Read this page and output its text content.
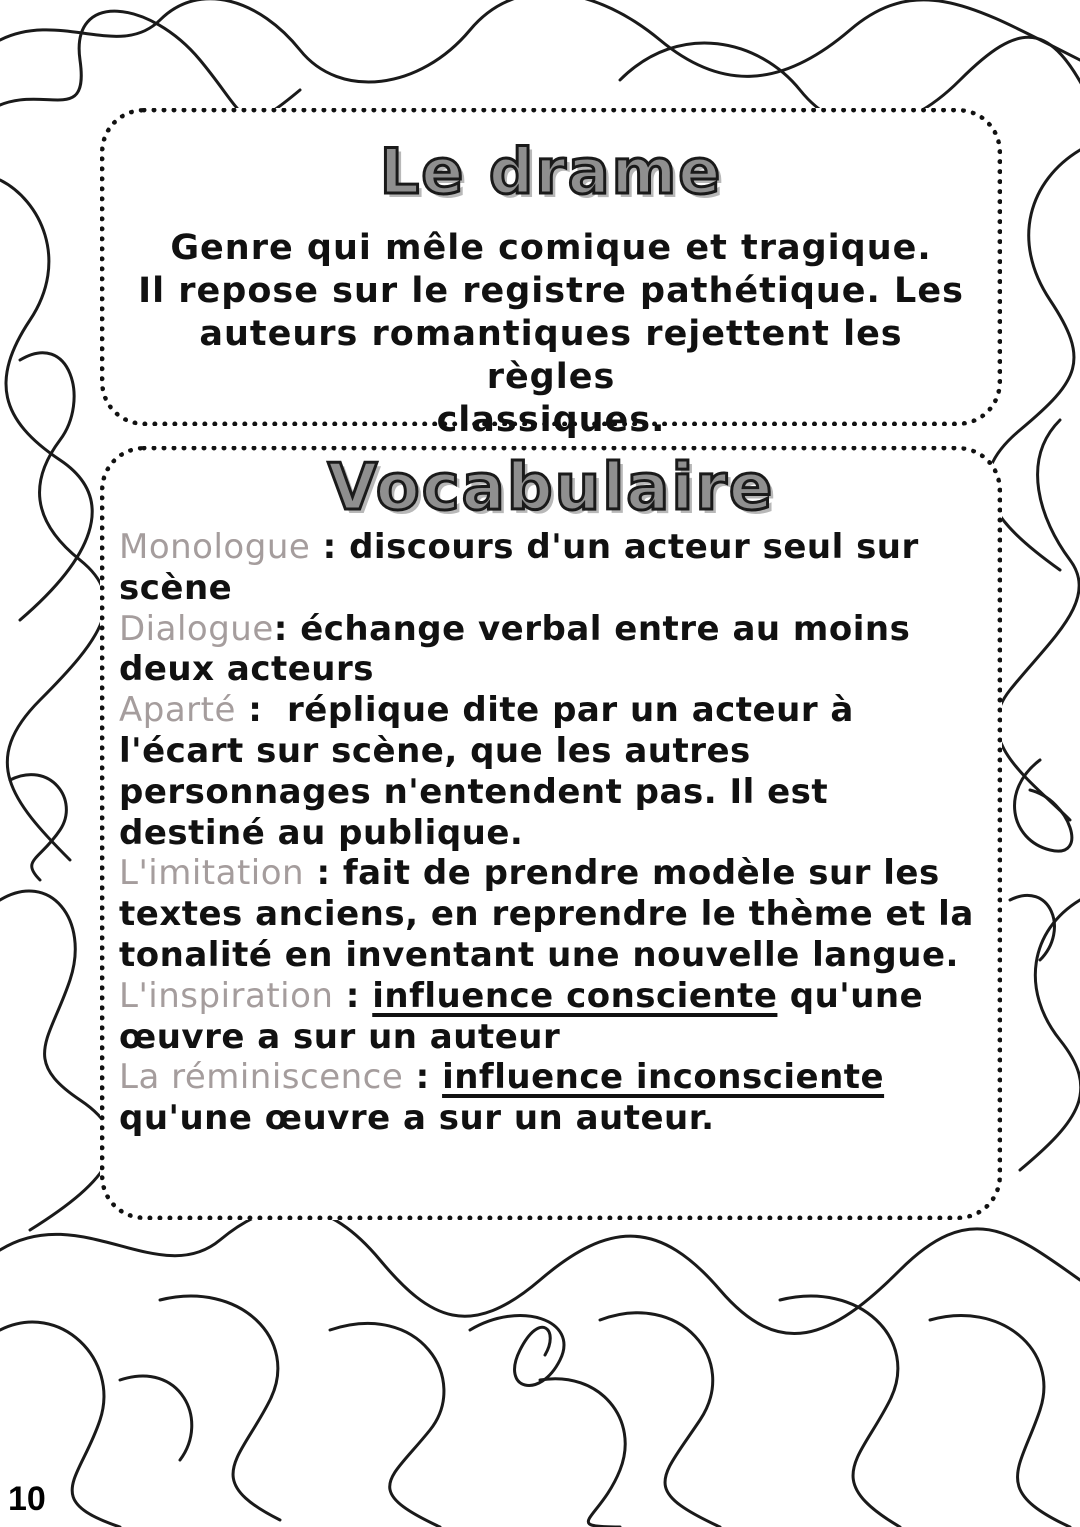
Le drame
Genre qui mêle comique et tragique.
Il repose sur le registre pathétique. Les
auteurs romantiques rejettent les règles
classiques.
Vocabulaire
Monologue : discours d'un acteur seul sur scène
Dialogue: échange verbal entre au moins deux acteurs
Aparté :  réplique dite par un acteur à l'écart sur scène, que les autres personnages n'entendent pas. Il est destiné au publique.
L'imitation : fait de prendre modèle sur les textes anciens, en reprendre le thème et la tonalité en inventant une nouvelle langue.
L'inspiration : influence consciente qu'une œuvre a sur un auteur
La réminiscence : influence inconsciente qu'une œuvre a sur un auteur.
10
